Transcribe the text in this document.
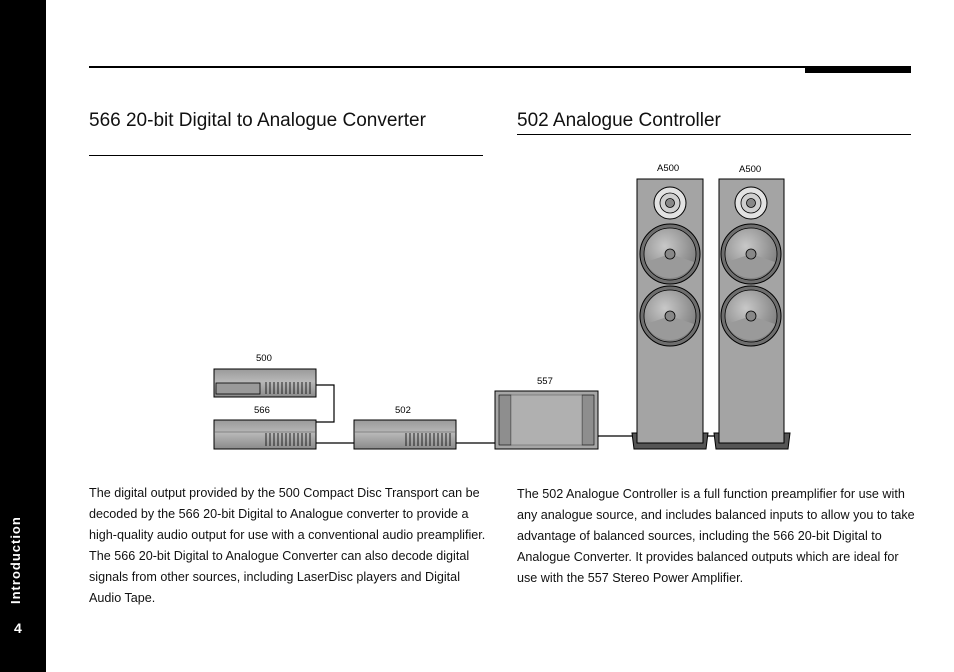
Introduction
4
566 20-bit Digital to Analogue Converter	502 Analogue Controller
500
566	502
557
A500	A500

The digital output provided by the 500 Compact Disc Transport can be decoded by the 566 20-bit Digital to Analogue converter to provide a high-quality audio output for use with a conventional audio preamplifier. The 566 20-bit Digital to Analogue Converter can also decode digital signals from other sources, including LaserDisc players and Digital Audio Tape.

The 502 Analogue Controller is a full function preamplifier for use with any analogue source, and includes balanced inputs to allow you to take advantage of balanced sources, including the 566 20-bit Digital to Analogue Converter. It provides balanced outputs which are ideal for use with the 557 Stereo Power Amplifier.
